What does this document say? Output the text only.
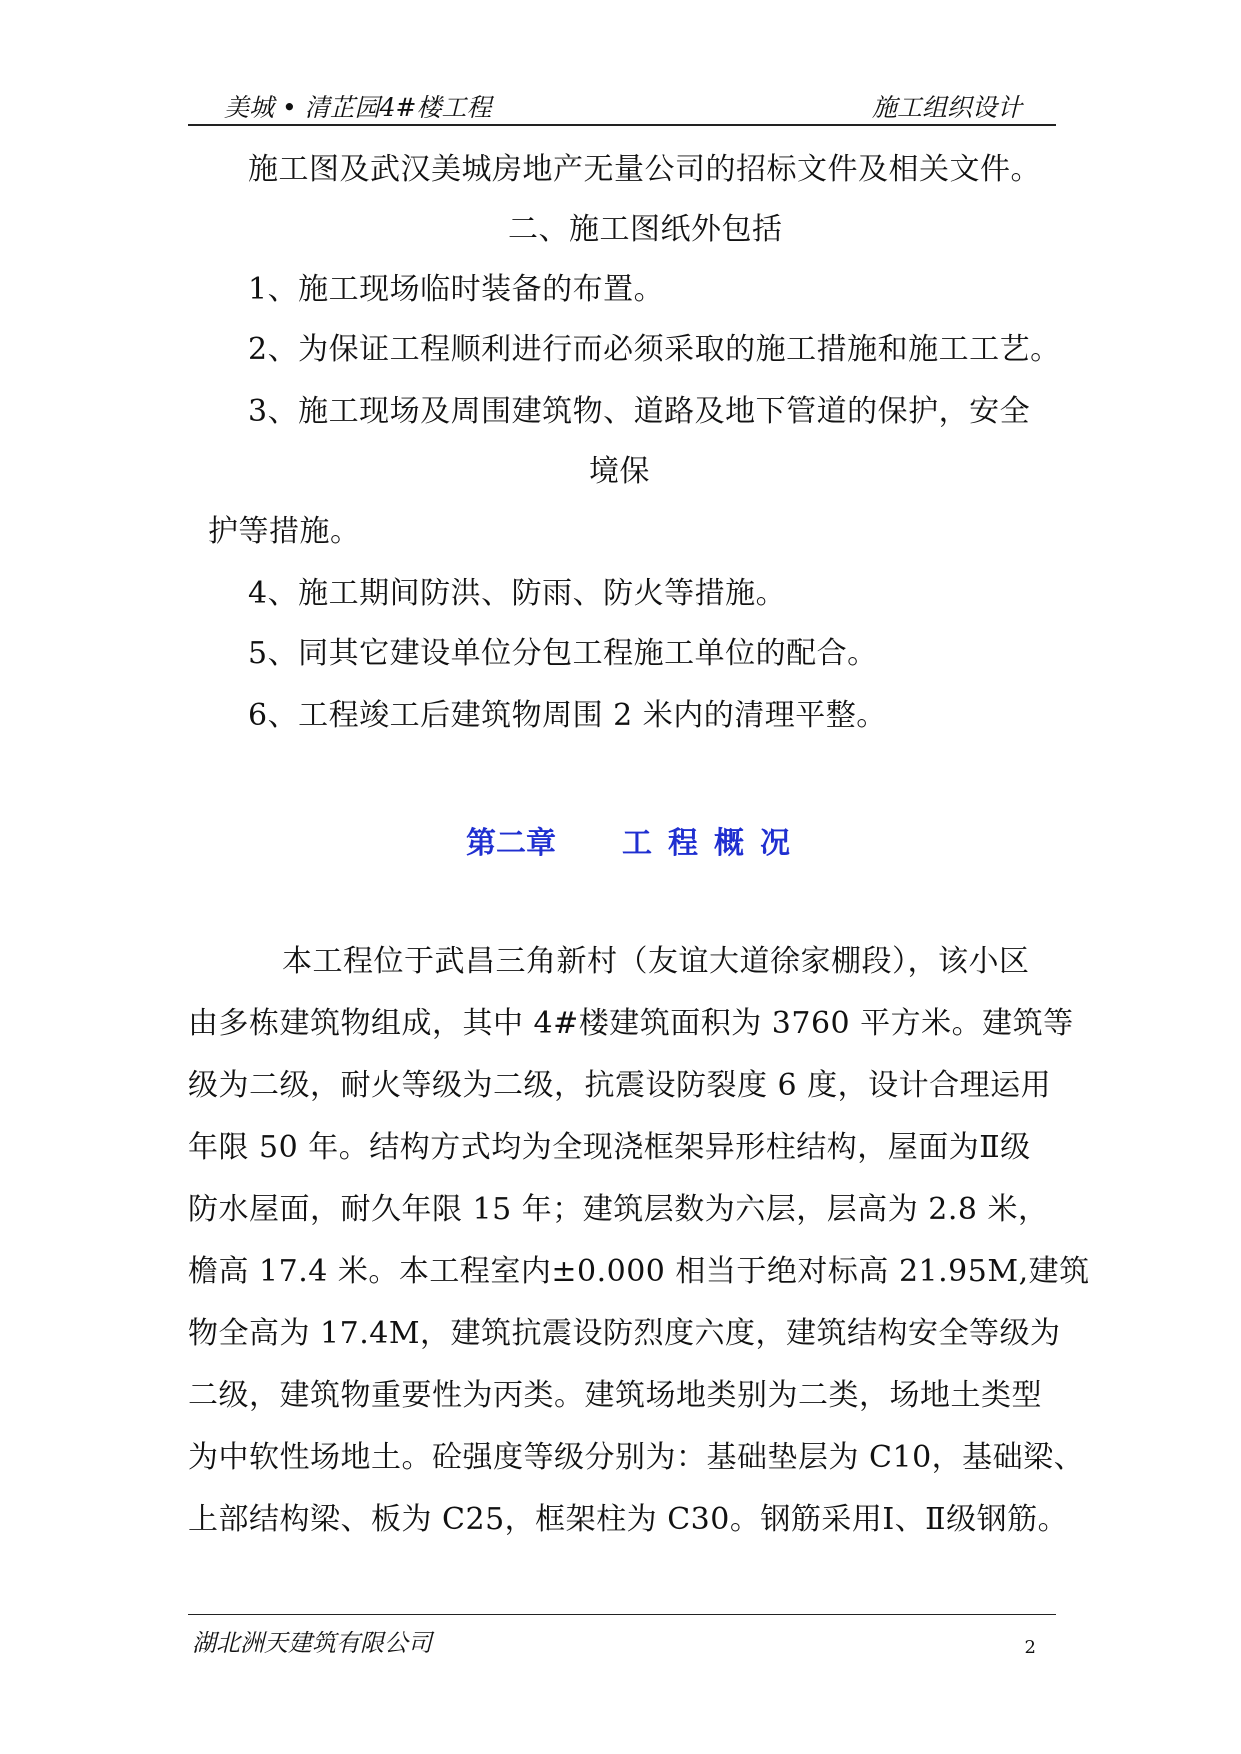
美城 • 清芷园4#楼工程	施工组织设计
施工图及武汉美城房地产无量公司的招标文件及相关文件。
二、施工图纸外包括
1、施工现场临时装备的布置。
2、为保证工程顺利进行而必须采取的施工措施和施工工艺。
3、施工现场及周围建筑物、道路及地下管道的保护，安全
境保
护等措施。
4、施工期间防洪、防雨、防火等措施。
5、同其它建设单位分包工程施工单位的配合。
6、工程竣工后建筑物周围 2 米内的清理平整。
第二章 工程概况
本工程位于武昌三角新村（友谊大道徐家棚段），该小区
由多栋建筑物组成，其中 4#楼建筑面积为 3760 平方米。建筑等
级为二级，耐火等级为二级，抗震设防裂度 6 度，设计合理运用
年限 50 年。结构方式均为全现浇框架异形柱结构，屋面为Ⅱ级
防水屋面，耐久年限 15 年；建筑层数为六层，层高为 2.8 米，
檐高 17.4 米。本工程室内±0.000 相当于绝对标高 21.95M,建筑
物全高为 17.4M，建筑抗震设防烈度六度，建筑结构安全等级为
二级，建筑物重要性为丙类。建筑场地类别为二类，场地土类型
为中软性场地土。砼强度等级分别为：基础垫层为 C10，基础梁、
上部结构梁、板为 C25，框架柱为 C30。钢筋采用Ⅰ、Ⅱ级钢筋。
湖北洲天建筑有限公司	2
